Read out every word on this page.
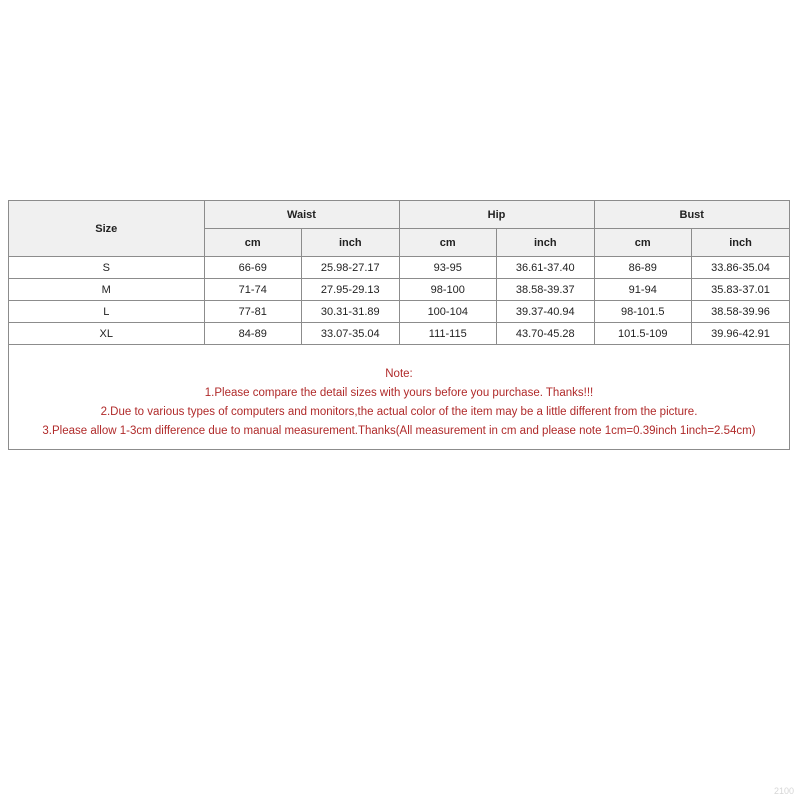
Size	Waist		Hip		Bust	
	cm	inch	cm	inch	cm	inch
S	66-69	25.98-27.17	93-95	36.61-37.40	86-89	33.86-35.04
M	71-74	27.95-29.13	98-100	38.58-39.37	91-94	35.83-37.01
L	77-81	30.31-31.89	100-104	39.37-40.94	98-101.5	38.58-39.96
XL	84-89	33.07-35.04	111-115	43.70-45.28	101.5-109	39.96-42.91
Note:
1.Please compare the detail sizes with yours before you purchase. Thanks!!!
2.Due to various types of computers and monitors,the actual color of the item may be a little different from the picture.
3.Please allow 1-3cm difference due to manual measurement.Thanks(All measurement in cm and please note 1cm=0.39inch 1inch=2.54cm)
2100
